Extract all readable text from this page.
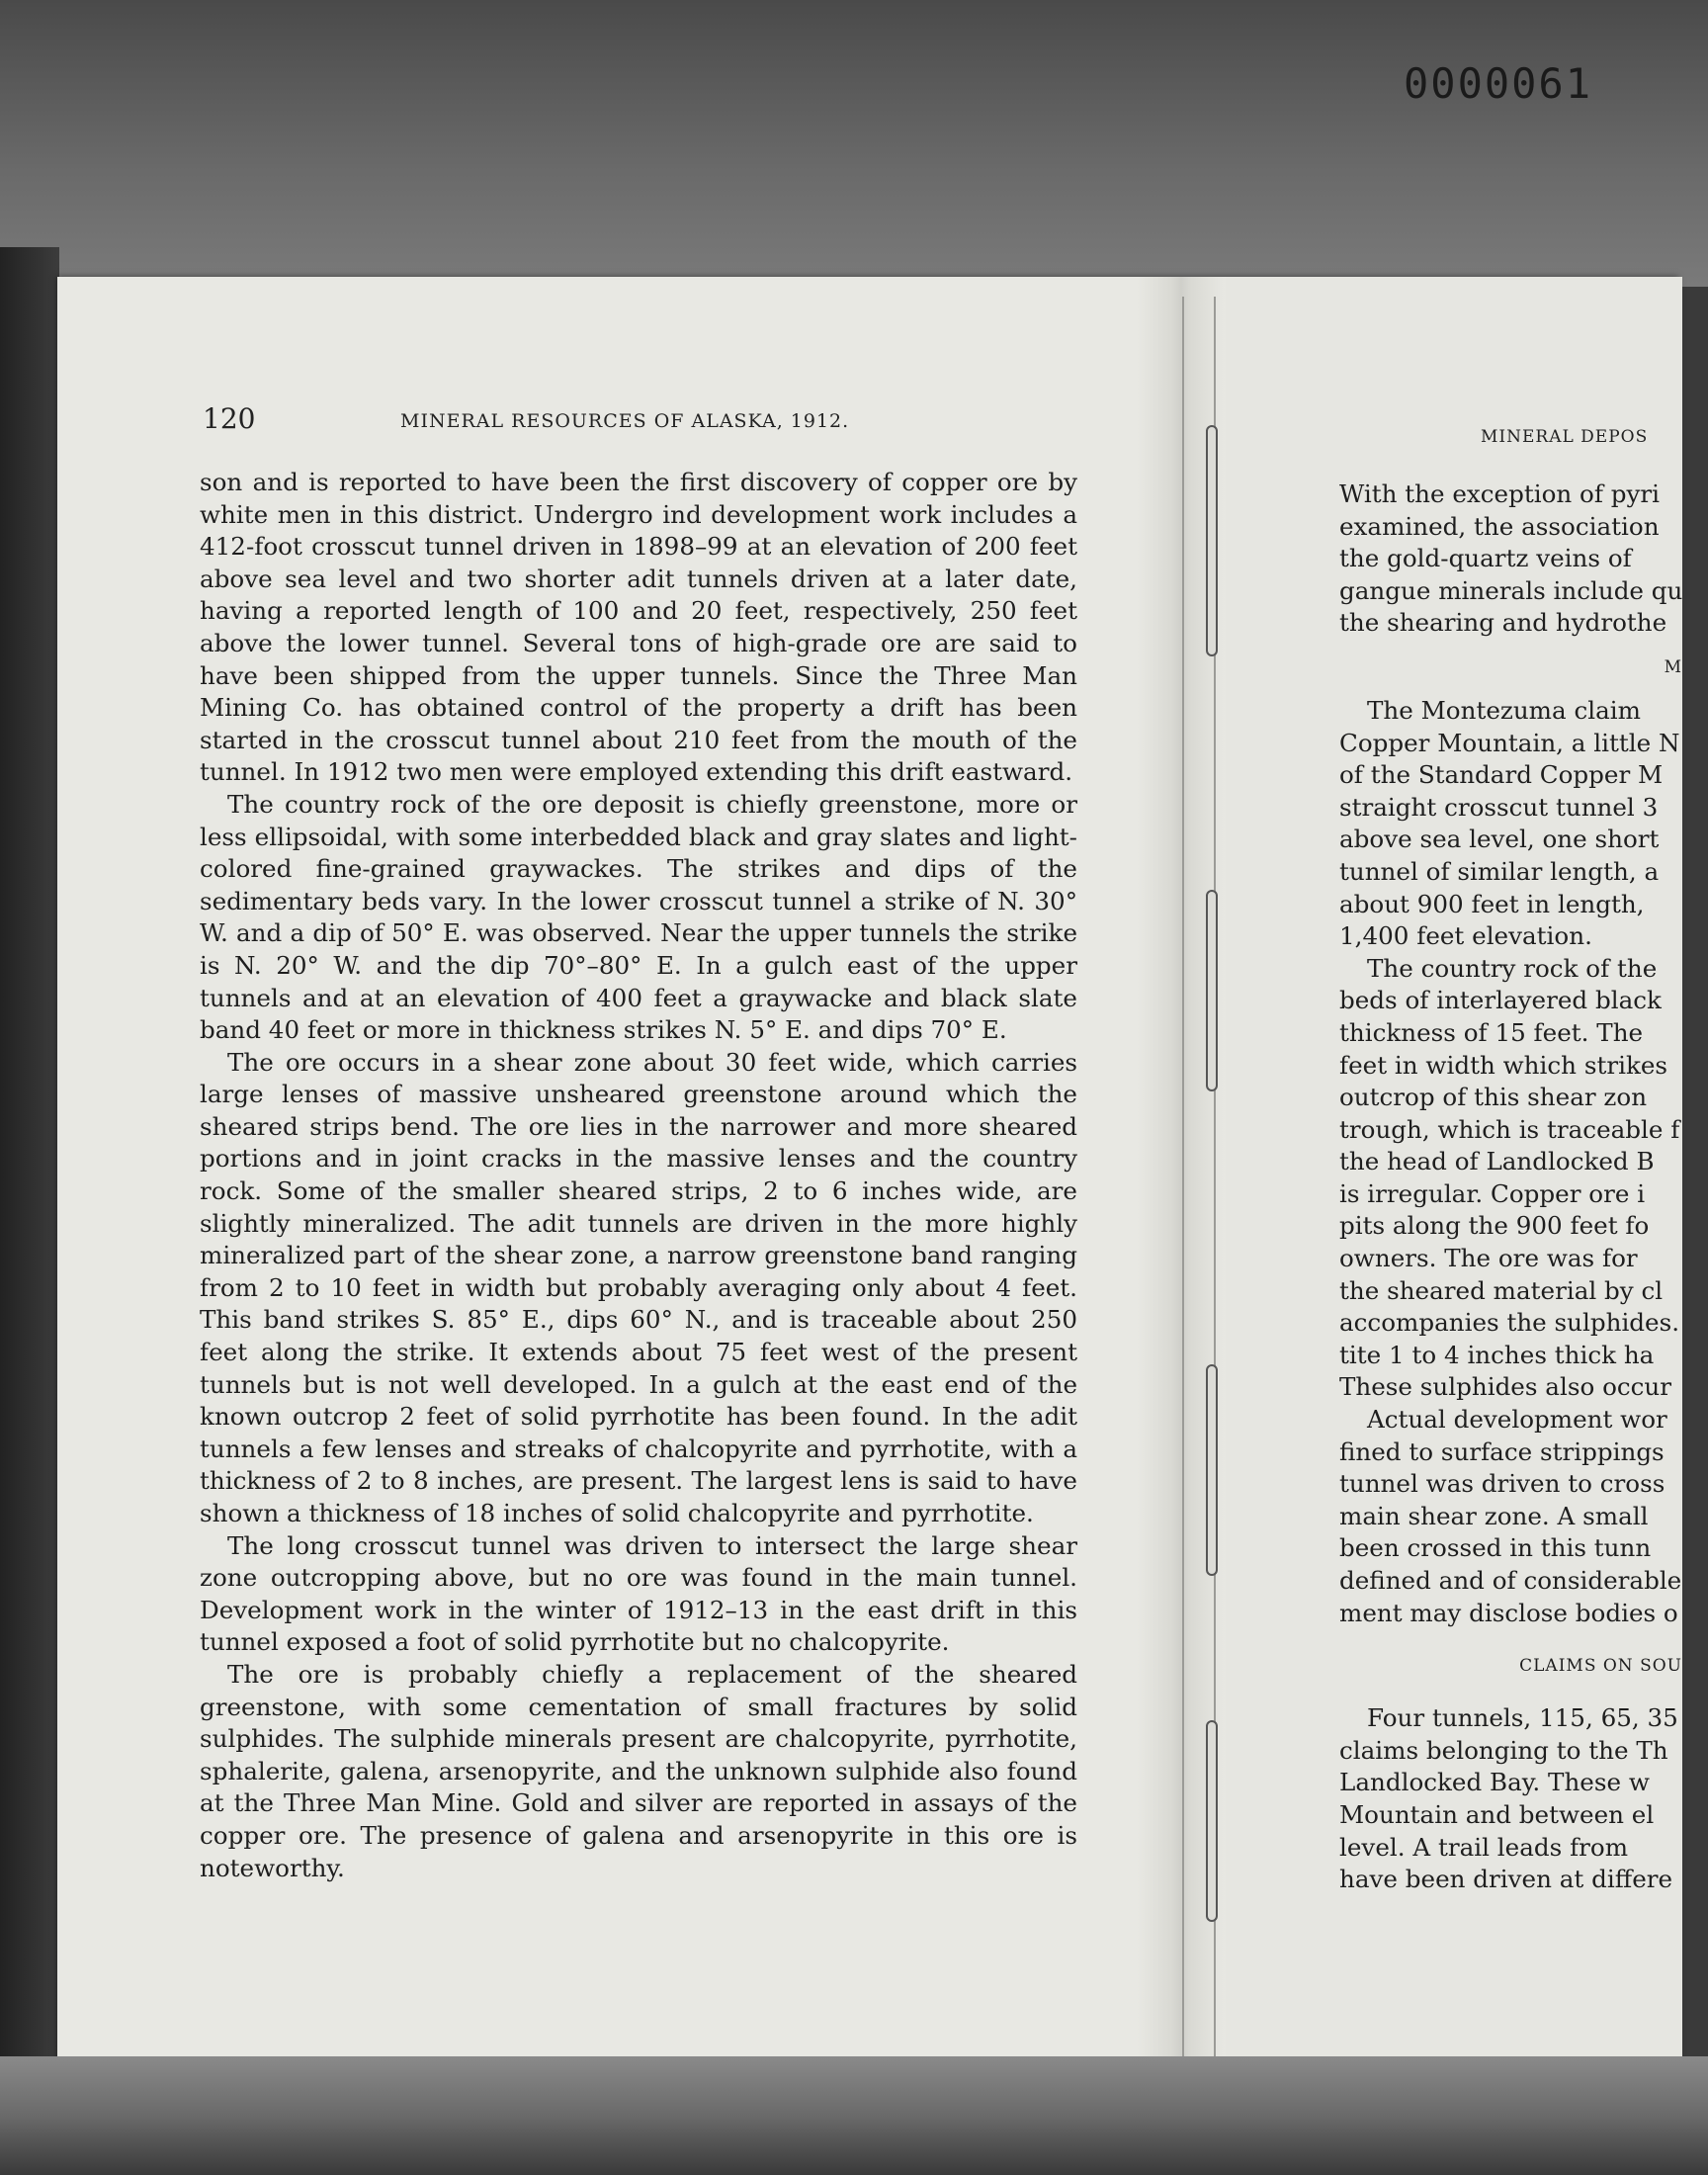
0000061
120	MINERAL RESOURCES OF ALASKA, 1912.

son and is reported to have been the first discovery of copper ore by white men in this district. Undergro ind development work includes a 412-foot crosscut tunnel driven in 1898–99 at an elevation of 200 feet above sea level and two shorter adit tunnels driven at a later date, having a reported length of 100 and 20 feet, respectively, 250 feet above the lower tunnel. Several tons of high-grade ore are said to have been shipped from the upper tunnels. Since the Three Man Mining Co. has obtained control of the property a drift has been started in the crosscut tunnel about 210 feet from the mouth of the tunnel. In 1912 two men were employed extending this drift eastward.

The country rock of the ore deposit is chiefly greenstone, more or less ellipsoidal, with some interbedded black and gray slates and light-colored fine-grained graywackes. The strikes and dips of the sedimentary beds vary. In the lower crosscut tunnel a strike of N. 30° W. and a dip of 50° E. was observed. Near the upper tunnels the strike is N. 20° W. and the dip 70°–80° E. In a gulch east of the upper tunnels and at an elevation of 400 feet a graywacke and black slate band 40 feet or more in thickness strikes N. 5° E. and dips 70° E.

The ore occurs in a shear zone about 30 feet wide, which carries large lenses of massive unsheared greenstone around which the sheared strips bend. The ore lies in the narrower and more sheared portions and in joint cracks in the massive lenses and the country rock. Some of the smaller sheared strips, 2 to 6 inches wide, are slightly mineralized. The adit tunnels are driven in the more highly mineralized part of the shear zone, a narrow greenstone band ranging from 2 to 10 feet in width but probably averaging only about 4 feet. This band strikes S. 85° E., dips 60° N., and is traceable about 250 feet along the strike. It extends about 75 feet west of the present tunnels but is not well developed. In a gulch at the east end of the known outcrop 2 feet of solid pyrrhotite has been found. In the adit tunnels a few lenses and streaks of chalcopyrite and pyrrhotite, with a thickness of 2 to 8 inches, are present. The largest lens is said to have shown a thickness of 18 inches of solid chalcopyrite and pyrrhotite.

The long crosscut tunnel was driven to intersect the large shear zone outcropping above, but no ore was found in the main tunnel. Development work in the winter of 1912–13 in the east drift in this tunnel exposed a foot of solid pyrrhotite but no chalcopyrite.

The ore is probably chiefly a replacement of the sheared greenstone, with some cementation of small fractures by solid sulphides. The sulphide minerals present are chalcopyrite, pyrrhotite, sphalerite, galena, arsenopyrite, and the unknown sulphide also found at the Three Man Mine. Gold and silver are reported in assays of the copper ore. The presence of galena and arsenopyrite in this ore is noteworthy.

MINERAL DEPOS
With the exception of pyri
examined, the association
the gold-quartz veins of
gangue minerals include qu
the shearing and hydrothe
M
The Montezuma claim
Copper Mountain, a little N
of the Standard Copper M
straight crosscut tunnel 3
above sea level, one short
tunnel of similar length, a
about 900 feet in length,
1,400 feet elevation.
The country rock of the
beds of interlayered black
thickness of 15 feet. The
feet in width which strikes
outcrop of this shear zon
trough, which is traceable f
the head of Landlocked B
is irregular. Copper ore i
pits along the 900 feet fo
owners. The ore was for
the sheared material by cl
accompanies the sulphides.
tite 1 to 4 inches thick ha
These sulphides also occur
Actual development wor
fined to surface strippings
tunnel was driven to cross
main shear zone. A small
been crossed in this tunn
defined and of considerable
ment may disclose bodies o
CLAIMS ON SOU
Four tunnels, 115, 65, 35
claims belonging to the Th
Landlocked Bay. These w
Mountain and between el
level. A trail leads from
have been driven at differe
